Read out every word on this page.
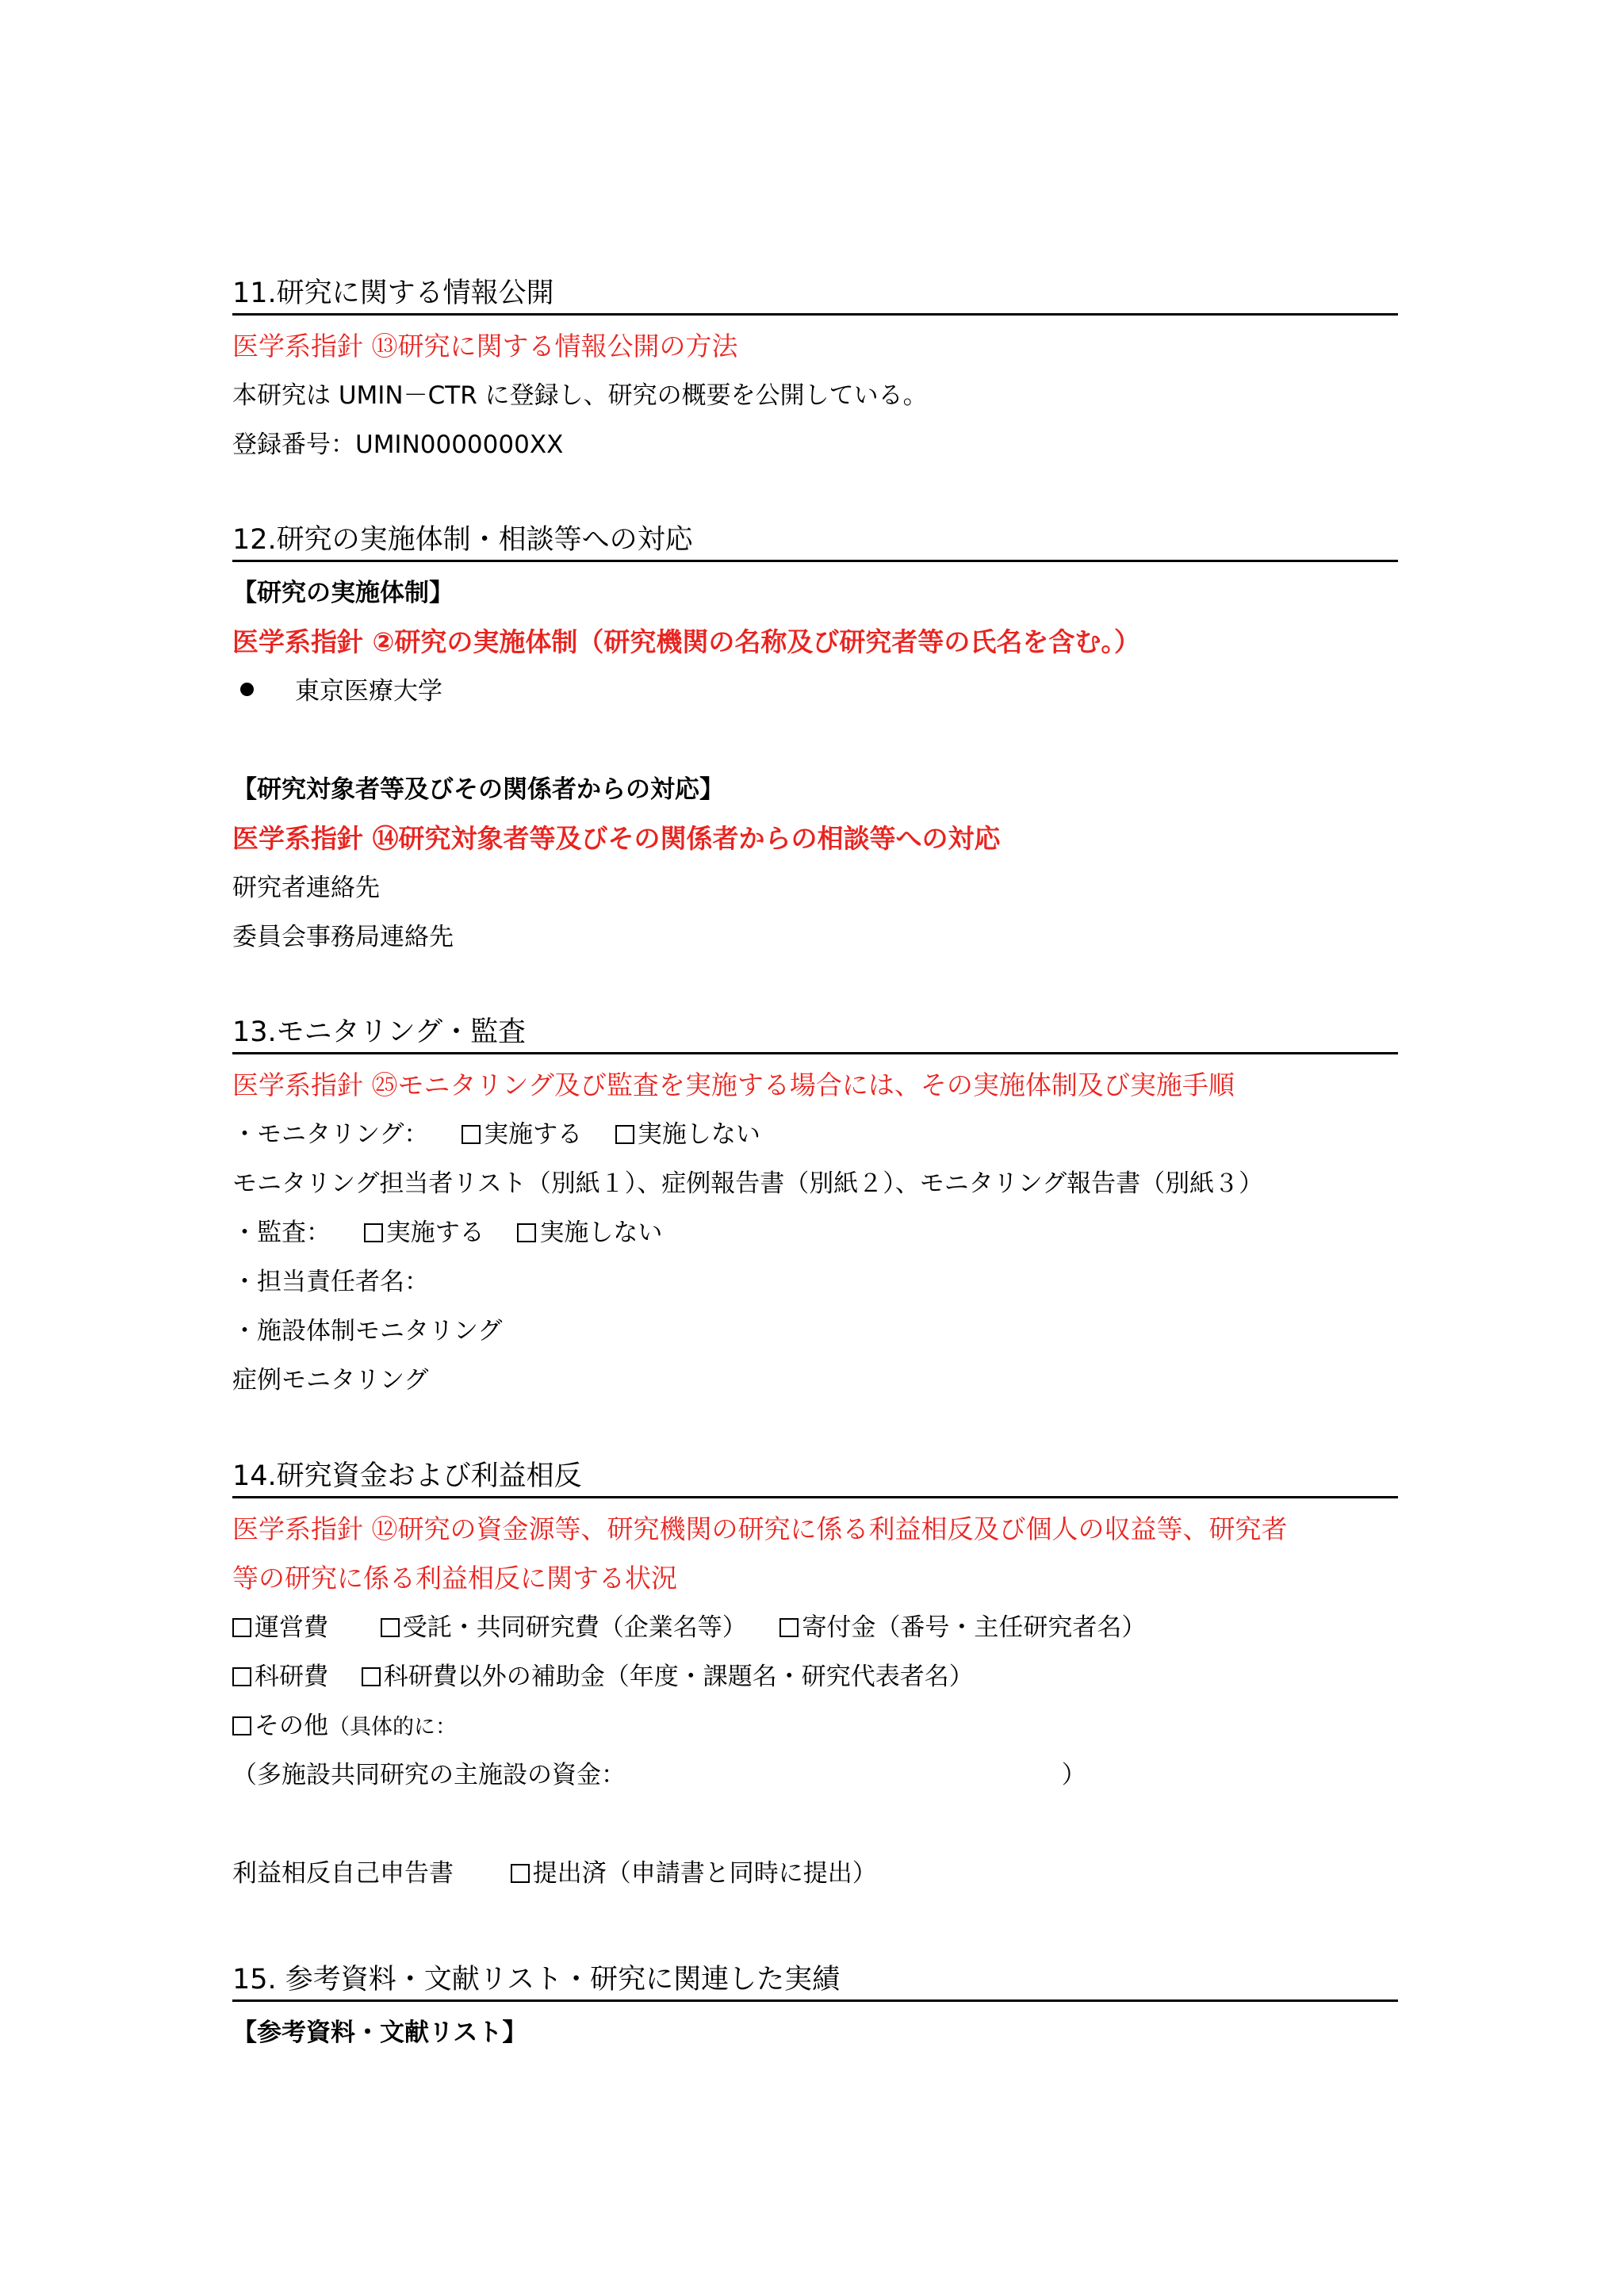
11.研究に関する情報公開
医学系指針 ⑬研究に関する情報公開の方法
本研究は UMIN－CTR に登録し、研究の概要を公開している。
登録番号：UMIN0000000XX
12.研究の実施体制・相談等への対応
【研究の実施体制】
医学系指針 ②研究の実施体制（研究機関の名称及び研究者等の氏名を含む。）
東京医療大学
【研究対象者等及びその関係者からの対応】
医学系指針 ⑭研究対象者等及びその関係者からの相談等への対応
研究者連絡先
委員会事務局連絡先
13.モニタリング・監査
医学系指針 ㉕モニタリング及び監査を実施する場合には、その実施体制及び実施手順
・モニタリング： 実施する 実施しない
モニタリング担当者リスト（別紙１）、症例報告書（別紙２）、モニタリング報告書（別紙３）
・監査： 実施する 実施しない
・担当責任者名：
・施設体制モニタリング
症例モニタリング
14.研究資金および利益相反
医学系指針 ⑫研究の資金源等、研究機関の研究に係る利益相反及び個人の収益等、研究者
等の研究に係る利益相反に関する状況
運営費	受託・共同研究費（企業名等） 寄付金（番号・主任研究者名）
科研費 科研費以外の補助金（年度・課題名・研究代表者名）
その他（具体的に：
（多施設共同研究の主施設の資金：	）
利益相反自己申告書	提出済（申請書と同時に提出）
15. 参考資料・文献リスト・研究に関連した実績
【参考資料・文献リスト】
